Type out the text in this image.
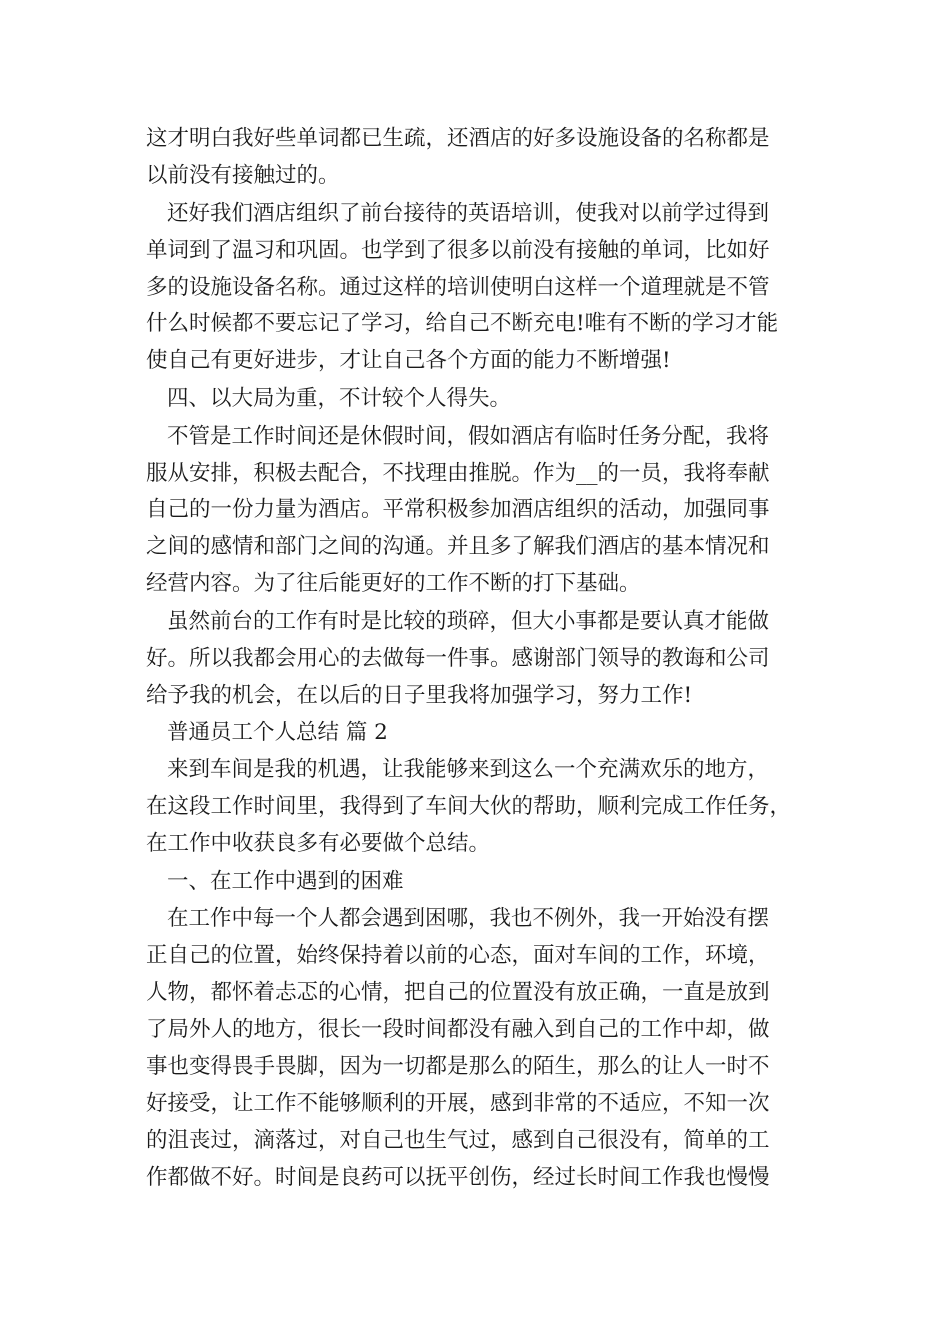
这才明白我好些单词都已生疏，还酒店的好多设施设备的名称都是
以前没有接触过的。
还好我们酒店组织了前台接待的英语培训，使我对以前学过得到
单词到了温习和巩固。也学到了很多以前没有接触的单词，比如好
多的设施设备名称。通过这样的培训使明白这样一个道理就是不管
什么时候都不要忘记了学习，给自己不断充电!唯有不断的学习才能
使自己有更好进步，才让自己各个方面的能力不断增强!
四、以大局为重，不计较个人得失。
不管是工作时间还是休假时间，假如酒店有临时任务分配，我将
服从安排，积极去配合，不找理由推脱。作为__的一员，我将奉献
自己的一份力量为酒店。平常积极参加酒店组织的活动，加强同事
之间的感情和部门之间的沟通。并且多了解我们酒店的基本情况和
经营内容。为了往后能更好的工作不断的打下基础。
虽然前台的工作有时是比较的琐碎，但大小事都是要认真才能做
好。所以我都会用心的去做每一件事。感谢部门领导的教诲和公司
给予我的机会，在以后的日子里我将加强学习，努力工作!
普通员工个人总结 篇 2
来到车间是我的机遇，让我能够来到这么一个充满欢乐的地方，
在这段工作时间里，我得到了车间大伙的帮助，顺利完成工作任务，
在工作中收获良多有必要做个总结。
一、在工作中遇到的困难
在工作中每一个人都会遇到困哪，我也不例外，我一开始没有摆
正自己的位置，始终保持着以前的心态，面对车间的工作，环境，
人物，都怀着忐忑的心情，把自己的位置没有放正确，一直是放到
了局外人的地方，很长一段时间都没有融入到自己的工作中却，做
事也变得畏手畏脚，因为一切都是那么的陌生，那么的让人一时不
好接受，让工作不能够顺利的开展，感到非常的不适应，不知一次
的沮丧过，滴落过，对自己也生气过，感到自己很没有，简单的工
作都做不好。时间是良药可以抚平创伤，经过长时间工作我也慢慢
